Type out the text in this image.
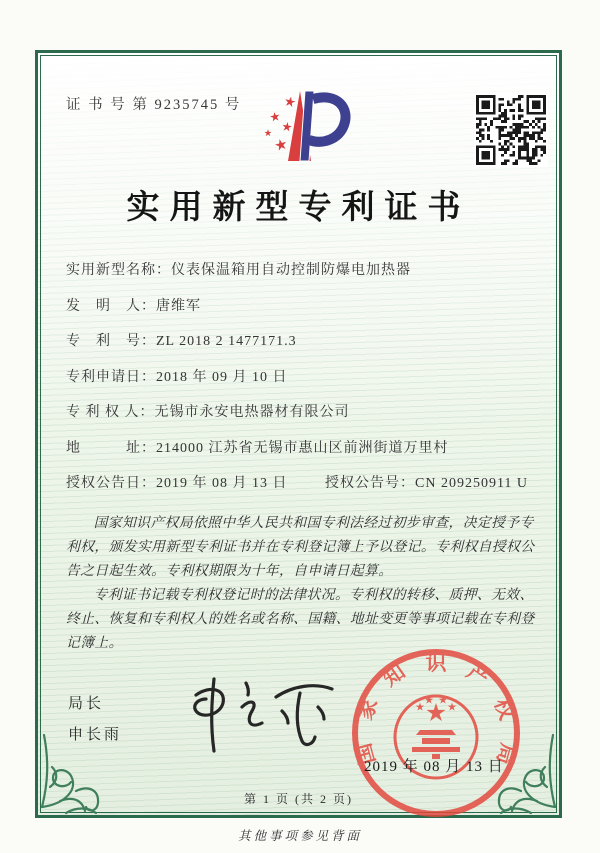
证 书 号 第 9235745 号
实用新型专利证书
实用新型名称：仪表保温箱用自动控制防爆电加热器
发　明　人：唐维军
专　利　号：ZL 2018 2 1477171.3
专利申请日：2018 年 09 月 10 日
专 利 权 人：无锡市永安电热器材有限公司
地　　　址：214000 江苏省无锡市惠山区前洲街道万里村
授权公告日：2019 年 08 月 13 日	授权公告号：CN 209250911 U

国家知识产权局依照中华人民共和国专利法经过初步审查，决定授予专利权，颁发实用新型专利证书并在专利登记簿上予以登记。专利权自授权公告之日起生效。专利权期限为十年，自申请日起算。

专利证书记载专利权登记时的法律状况。专利权的转移、质押、无效、终止、恢复和专利权人的姓名或名称、国籍、地址变更等事项记载在专利登记簿上。

局长
申长雨
国
家
知 识 产
权
局
2019 年 08 月 13 日
第 1 页 (共 2 页)
其他事项参见背面
